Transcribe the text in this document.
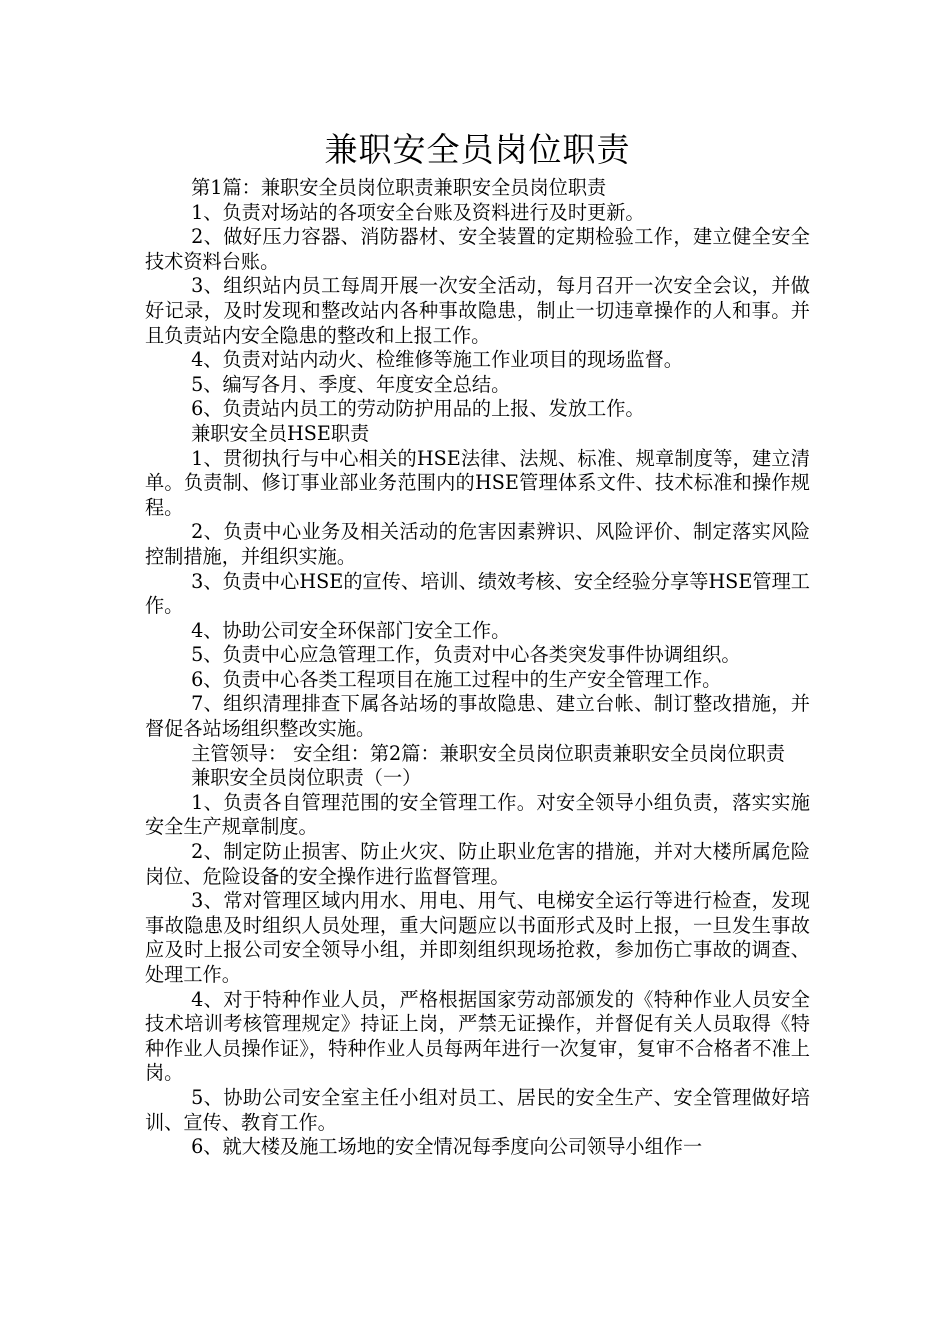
兼职安全员岗位职责

第1篇：兼职安全员岗位职责兼职安全员岗位职责

1、负责对场站的各项安全台账及资料进行及时更新。

2、做好压力容器、消防器材、安全装置的定期检验工作，建立健全安全技术资料台账。

3、组织站内员工每周开展一次安全活动，每月召开一次安全会议，并做好记录，及时发现和整改站内各种事故隐患，制止一切违章操作的人和事。并且负责站内安全隐患的整改和上报工作。

4、负责对站内动火、检维修等施工作业项目的现场监督。

5、编写各月、季度、年度安全总结。

6、负责站内员工的劳动防护用品的上报、发放工作。

兼职安全员HSE职责

1、贯彻执行与中心相关的HSE法律、法规、标准、规章制度等，建立清单。负责制、修订事业部业务范围内的HSE管理体系文件、技术标准和操作规程。

2、负责中心业务及相关活动的危害因素辨识、风险评价、制定落实风险控制措施，并组织实施。

3、负责中心HSE的宣传、培训、绩效考核、安全经验分享等HSE管理工作。

4、协助公司安全环保部门安全工作。

5、负责中心应急管理工作，负责对中心各类突发事件协调组织。

6、负责中心各类工程项目在施工过程中的生产安全管理工作。

7、组织清理排查下属各站场的事故隐患、建立台帐、制订整改措施，并督促各站场组织整改实施。

主管领导： 安全组：第2篇：兼职安全员岗位职责兼职安全员岗位职责

兼职安全员岗位职责（一）

1、负责各自管理范围的安全管理工作。对安全领导小组负责，落实实施安全生产规章制度。

2、制定防止损害、防止火灾、防止职业危害的措施，并对大楼所属危险岗位、危险设备的安全操作进行监督管理。

3、常对管理区域内用水、用电、用气、电梯安全运行等进行检查，发现事故隐患及时组织人员处理，重大问题应以书面形式及时上报，一旦发生事故应及时上报公司安全领导小组，并即刻组织现场抢救，参加伤亡事故的调查、处理工作。

4、对于特种作业人员，严格根据国家劳动部颁发的《特种作业人员安全技术培训考核管理规定》持证上岗，严禁无证操作，并督促有关人员取得《特种作业人员操作证》，特种作业人员每两年进行一次复审，复审不合格者不准上岗。

5、协助公司安全室主任小组对员工、居民的安全生产、安全管理做好培训、宣传、教育工作。

6、就大楼及施工场地的安全情况每季度向公司领导小组作一
